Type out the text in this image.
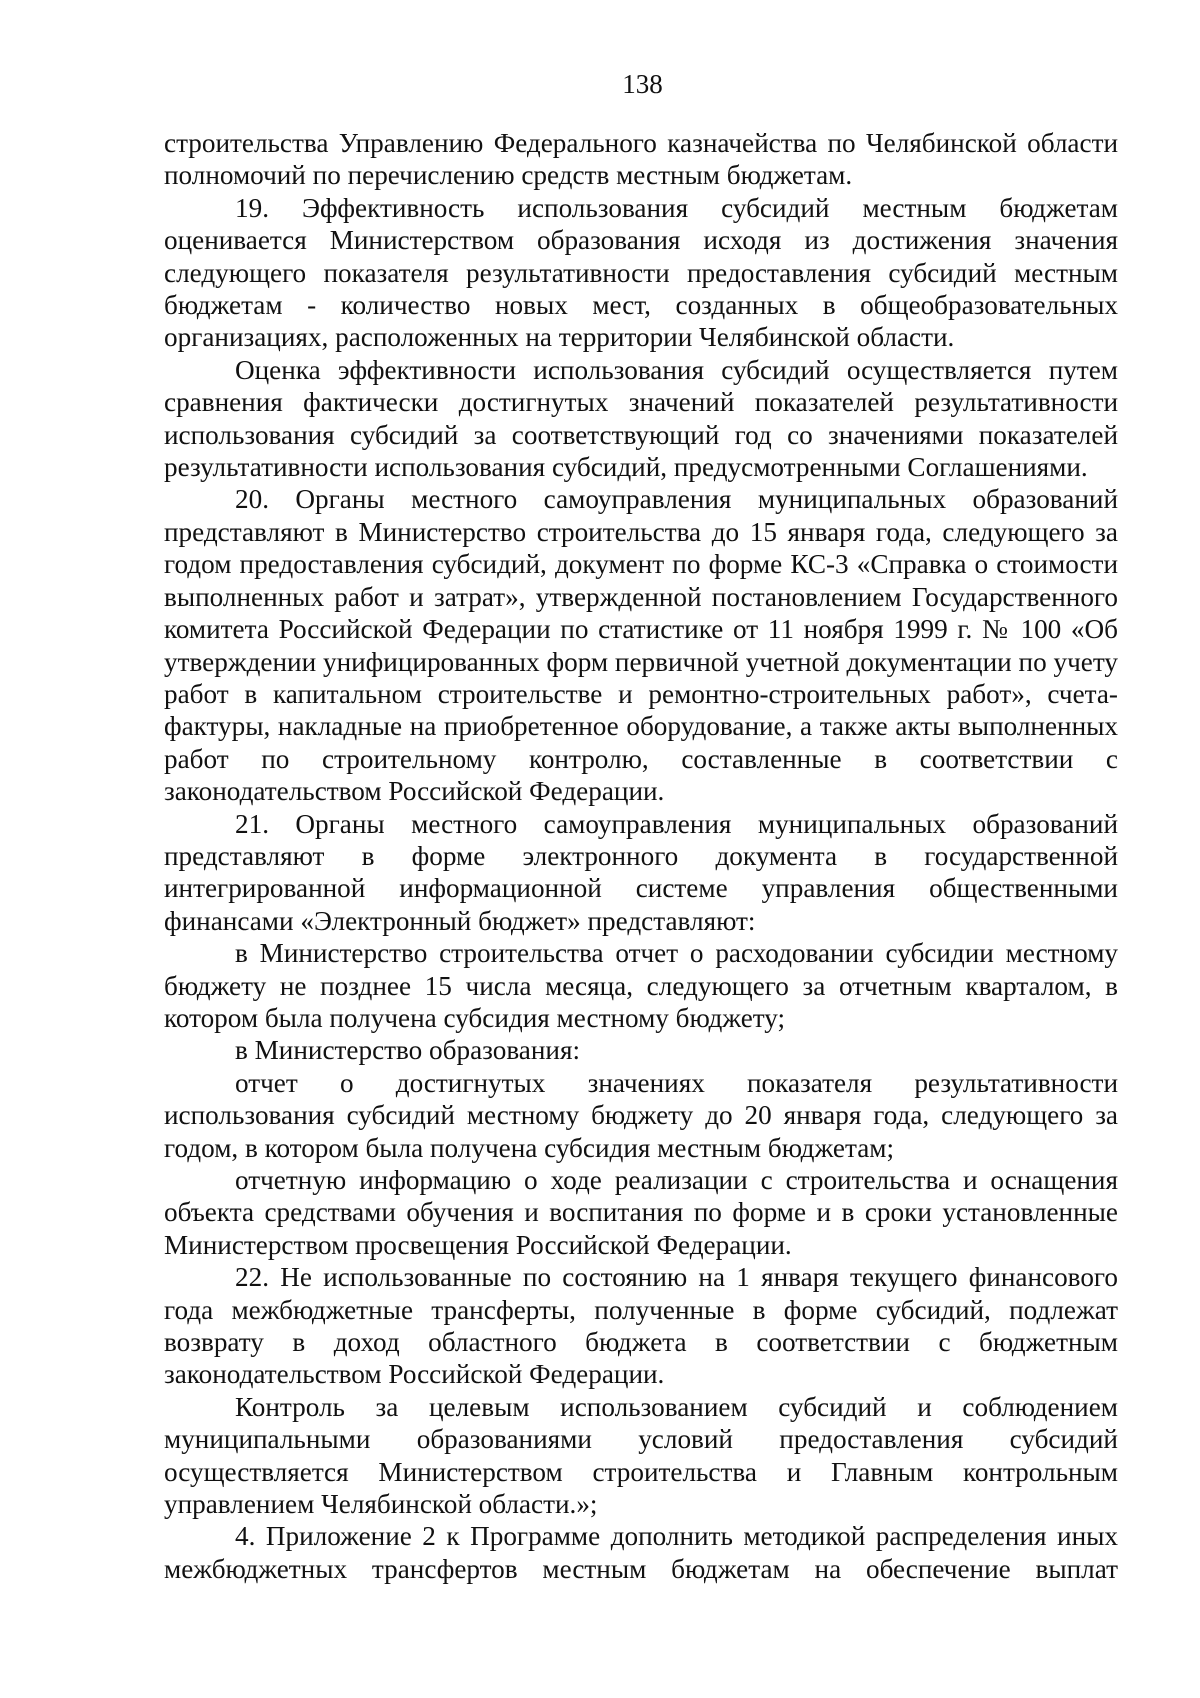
138

строительства Управлению Федерального казначейства по Челябинской области полномочий по перечислению средств местным бюджетам.

19. Эффективность использования субсидий местным бюджетам оценивается Министерством образования исходя из достижения значения следующего показателя результативности предоставления субсидий местным бюджетам - количество новых мест, созданных в общеобразовательных организациях, расположенных на территории Челябинской области.

Оценка эффективности использования субсидий осуществляется путем сравнения фактически достигнутых значений показателей результативности использования субсидий за соответствующий год со значениями показателей результативности использования субсидий, предусмотренными Соглашениями.

20. Органы местного самоуправления муниципальных образований представляют в Министерство строительства до 15 января года, следующего за годом предоставления субсидий, документ по форме КС-3 «Справка о стоимости выполненных работ и затрат», утвержденной постановлением Государственного комитета Российской Федерации по статистике от 11 ноября 1999 г. № 100 «Об утверждении унифицированных форм первичной учетной документации по учету работ в капитальном строительстве и ремонтно-строительных работ», счета-фактуры, накладные на приобретенное оборудование, а также акты выполненных работ по строительному контролю, составленные в соответствии с законодательством Российской Федерации.

21. Органы местного самоуправления муниципальных образований представляют в форме электронного документа в государственной интегрированной информационной системе управления общественными финансами «Электронный бюджет» представляют:

в Министерство строительства отчет о расходовании субсидии местному бюджету не позднее 15 числа месяца, следующего за отчетным кварталом, в котором была получена субсидия местному бюджету;

в Министерство образования:

отчет о достигнутых значениях показателя результативности использования субсидий местному бюджету до 20 января года, следующего за годом, в котором была получена субсидия местным бюджетам;

отчетную информацию о ходе реализации с строительства и оснащения объекта средствами обучения и воспитания по форме и в сроки установленные Министерством просвещения Российской Федерации.

22. Не использованные по состоянию на 1 января текущего финансового года межбюджетные трансферты, полученные в форме субсидий, подлежат возврату в доход областного бюджета в соответствии с бюджетным законодательством Российской Федерации.

Контроль за целевым использованием субсидий и соблюдением муниципальными образованиями условий предоставления субсидий осуществляется Министерством строительства и Главным контрольным управлением Челябинской области.»;

4. Приложение 2 к Программе дополнить методикой распределения иных межбюджетных трансфертов местным бюджетам на обеспечение выплат
